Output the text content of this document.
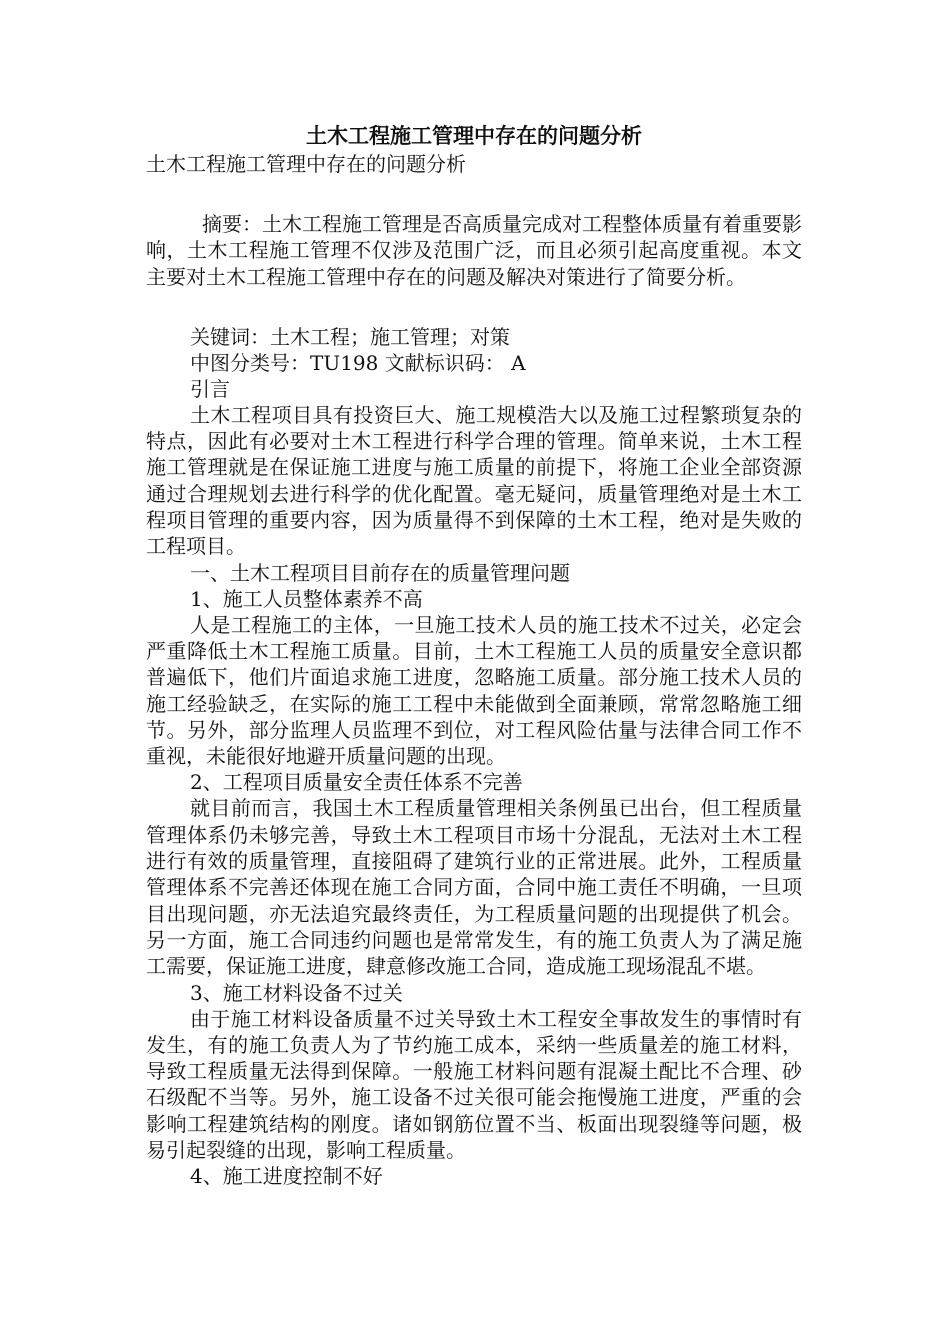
土木工程施工管理中存在的问题分析

土木工程施工管理中存在的问题分析

摘要：土木工程施工管理是否高质量完成对工程整体质量有着重要影响，土木工程施工管理不仅涉及范围广泛，而且必须引起高度重视。本文主要对土木工程施工管理中存在的问题及解决对策进行了简要分析。

关键词：土木工程；施工管理；对策

中图分类号：TU198 文献标识码： A

引言

土木工程项目具有投资巨大、施工规模浩大以及施工过程繁琐复杂的特点，因此有必要对土木工程进行科学合理的管理。简单来说，土木工程施工管理就是在保证施工进度与施工质量的前提下，将施工企业全部资源通过合理规划去进行科学的优化配置。毫无疑问，质量管理绝对是土木工程项目管理的重要内容，因为质量得不到保障的土木工程，绝对是失败的工程项目。

一、土木工程项目目前存在的质量管理问题

1、施工人员整体素养不高

人是工程施工的主体，一旦施工技术人员的施工技术不过关，必定会严重降低土木工程施工质量。目前，土木工程施工人员的质量安全意识都普遍低下，他们片面追求施工进度，忽略施工质量。部分施工技术人员的施工经验缺乏，在实际的施工工程中未能做到全面兼顾，常常忽略施工细节。另外，部分监理人员监理不到位，对工程风险估量与法律合同工作不重视，未能很好地避开质量问题的出现。

2、工程项目质量安全责任体系不完善

就目前而言，我国土木工程质量管理相关条例虽已出台，但工程质量管理体系仍未够完善，导致土木工程项目市场十分混乱，无法对土木工程进行有效的质量管理，直接阻碍了建筑行业的正常进展。此外，工程质量管理体系不完善还体现在施工合同方面，合同中施工责任不明确，一旦项目出现问题，亦无法追究最终责任，为工程质量问题的出现提供了机会。另一方面，施工合同违约问题也是常常发生，有的施工负责人为了满足施工需要，保证施工进度，肆意修改施工合同，造成施工现场混乱不堪。

3、施工材料设备不过关

由于施工材料设备质量不过关导致土木工程安全事故发生的事情时有发生，有的施工负责人为了节约施工成本，采纳一些质量差的施工材料，导致工程质量无法得到保障。一般施工材料问题有混凝土配比不合理、砂石级配不当等。另外，施工设备不过关很可能会拖慢施工进度，严重的会影响工程建筑结构的刚度。诸如钢筋位置不当、板面出现裂缝等问题，极易引起裂缝的出现，影响工程质量。

4、施工进度控制不好
